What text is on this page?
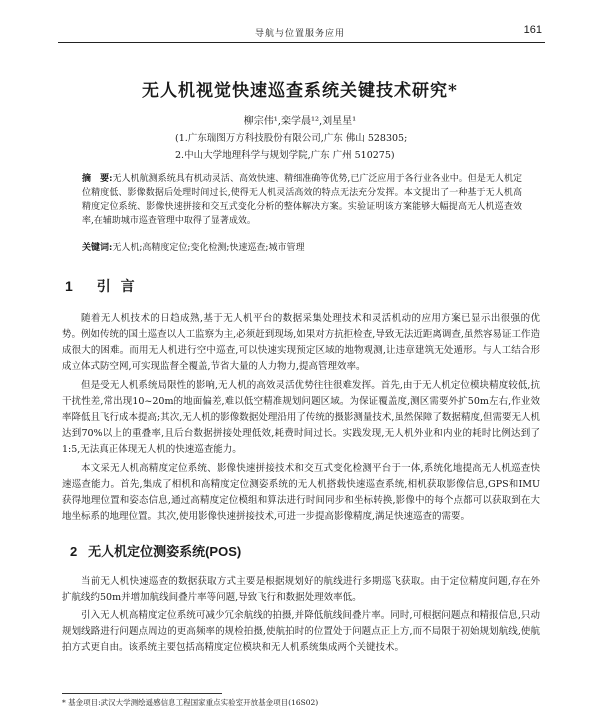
导航与位置服务应用	161
无人机视觉快速巡查系统关键技术研究*
柳宗伟¹,栾学晨¹²,刘星星¹
(1.广东瑞图万方科技股份有限公司,广东 佛山 528305;
2.中山大学地理科学与规划学院,广东 广州 510275)
摘　要:无人机航测系统具有机动灵活、高效快速、精细准确等优势,已广泛应用于各行业各业中。但是无人机定位精度低、影像数据后处理时间过长,使得无人机灵活高效的特点无法充分发挥。本文提出了一种基于无人机高精度定位系统、影像快速拼接和交互式变化分析的整体解决方案。实验证明该方案能够大幅提高无人机巡查效率,在辅助城市巡查管理中取得了显著成效。
关键词:无人机;高精度定位;变化检测;快速巡查;城市管理
1 引言

随着无人机技术的日趋成熟,基于无人机平台的数据采集处理技术和灵活机动的应用方案已显示出很强的优势。例如传统的国土巡查以人工监察为主,必须赶到现场,如果对方抗拒检查,导致无法近距离调查,虽然容易证工作造成很大的困难。而用无人机进行空中巡查,可以快速实现预定区域的地物观测,让违章建筑无处遁形。与人工结合形成立体式防空网,可实现监督全覆盖,节省大量的人力物力,提高管理效率。

但是受无人机系统局限性的影响,无人机的高效灵活优势往往很难发挥。首先,由于无人机定位模块精度较低,抗干扰性差,常出现10~20m的地面偏差,难以低空精准规划问题区域。为保证覆盖度,测区需要外扩50m左右,作业效率降低且飞行成本提高;其次,无人机的影像数据处理沿用了传统的摄影测量技术,虽然保障了数据精度,但需要无人机达到70%以上的重叠率,且后台数据拼接处理低效,耗费时间过长。实践发现,无人机外业和内业的耗时比例达到了1:5,无法真正体现无人机的快速巡查能力。

本文采无人机高精度定位系统、影像快速拼接技术和交互式变化检测平台于一体,系统化地提高无人机巡查快速巡查能力。首先,集成了相机和高精度定位测姿系统的无人机搭载快速巡查系统,相机获取影像信息,GPS和IMU获得地理位置和姿态信息,通过高精度定位模组和算法进行时间同步和坐标转换,影像中的每个点都可以获取到在大地坐标系的地理位置。其次,使用影像快速拼接技术,可进一步提高影像精度,满足快速巡查的需要。

2 无人机定位测姿系统(POS)

当前无人机快速巡查的数据获取方式主要是根据规划好的航线进行多期巡飞获取。由于定位精度问题,存在外扩航线约50m并增加航线间叠片率等问题,导致飞行和数据处理效率低。

引入无人机高精度定位系统可减少冗余航线的拍摄,并降低航线间叠片率。同时,可根据问题点和精报信息,只动规划线路进行问题点周边的更高频率的规检拍摄,使航拍时的位置处于问题点正上方,而不局限于初始规划航线,使航拍方式更自由。该系统主要包括高精度定位模块和无人机系统集成两个关键技术。

* 基金项目:武汉大学测绘遥感信息工程国家重点实验室开放基金项目(16S02)
